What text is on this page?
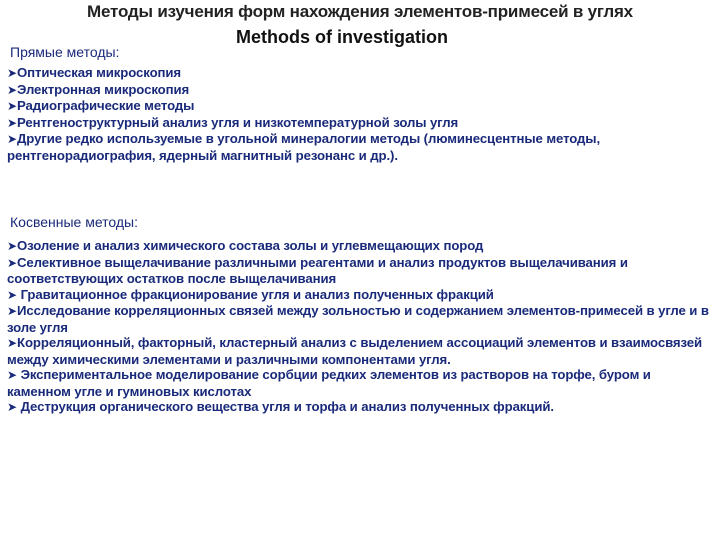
Методы изучения форм нахождения элементов-примесей в углях
Methods of investigation
Прямые методы:
➤Оптическая микроскопия
➤Электронная микроскопия
➤Радиографические методы
➤Рентгеноструктурный анализ угля и низкотемпературной золы угля
➤Другие редко используемые в угольной минералогии методы (люминесцентные методы, рентгенорадиография, ядерный магнитный резонанс и др.).
Косвенные методы:
➤Озоление и анализ химического состава золы и углевмещающих пород
➤Селективное выщелачивание различными реагентами и анализ продуктов выщелачивания и соответствующих остатков после выщелачивания
➤ Гравитационное фракционирование угля и анализ полученных фракций
➤Исследование корреляционных связей между зольностью и содержанием элементов-примесей в угле и в золе угля
➤Корреляционный, факторный, кластерный анализ с выделением ассоциаций элементов и взаимосвязей между химическими элементами и различными компонентами угля.
➤ Экспериментальное моделирование сорбции редких элементов из растворов на торфе, буром и каменном угле и гуминовых кислотах
➤ Деструкция органического вещества угля и торфа и анализ полученных фракций.
